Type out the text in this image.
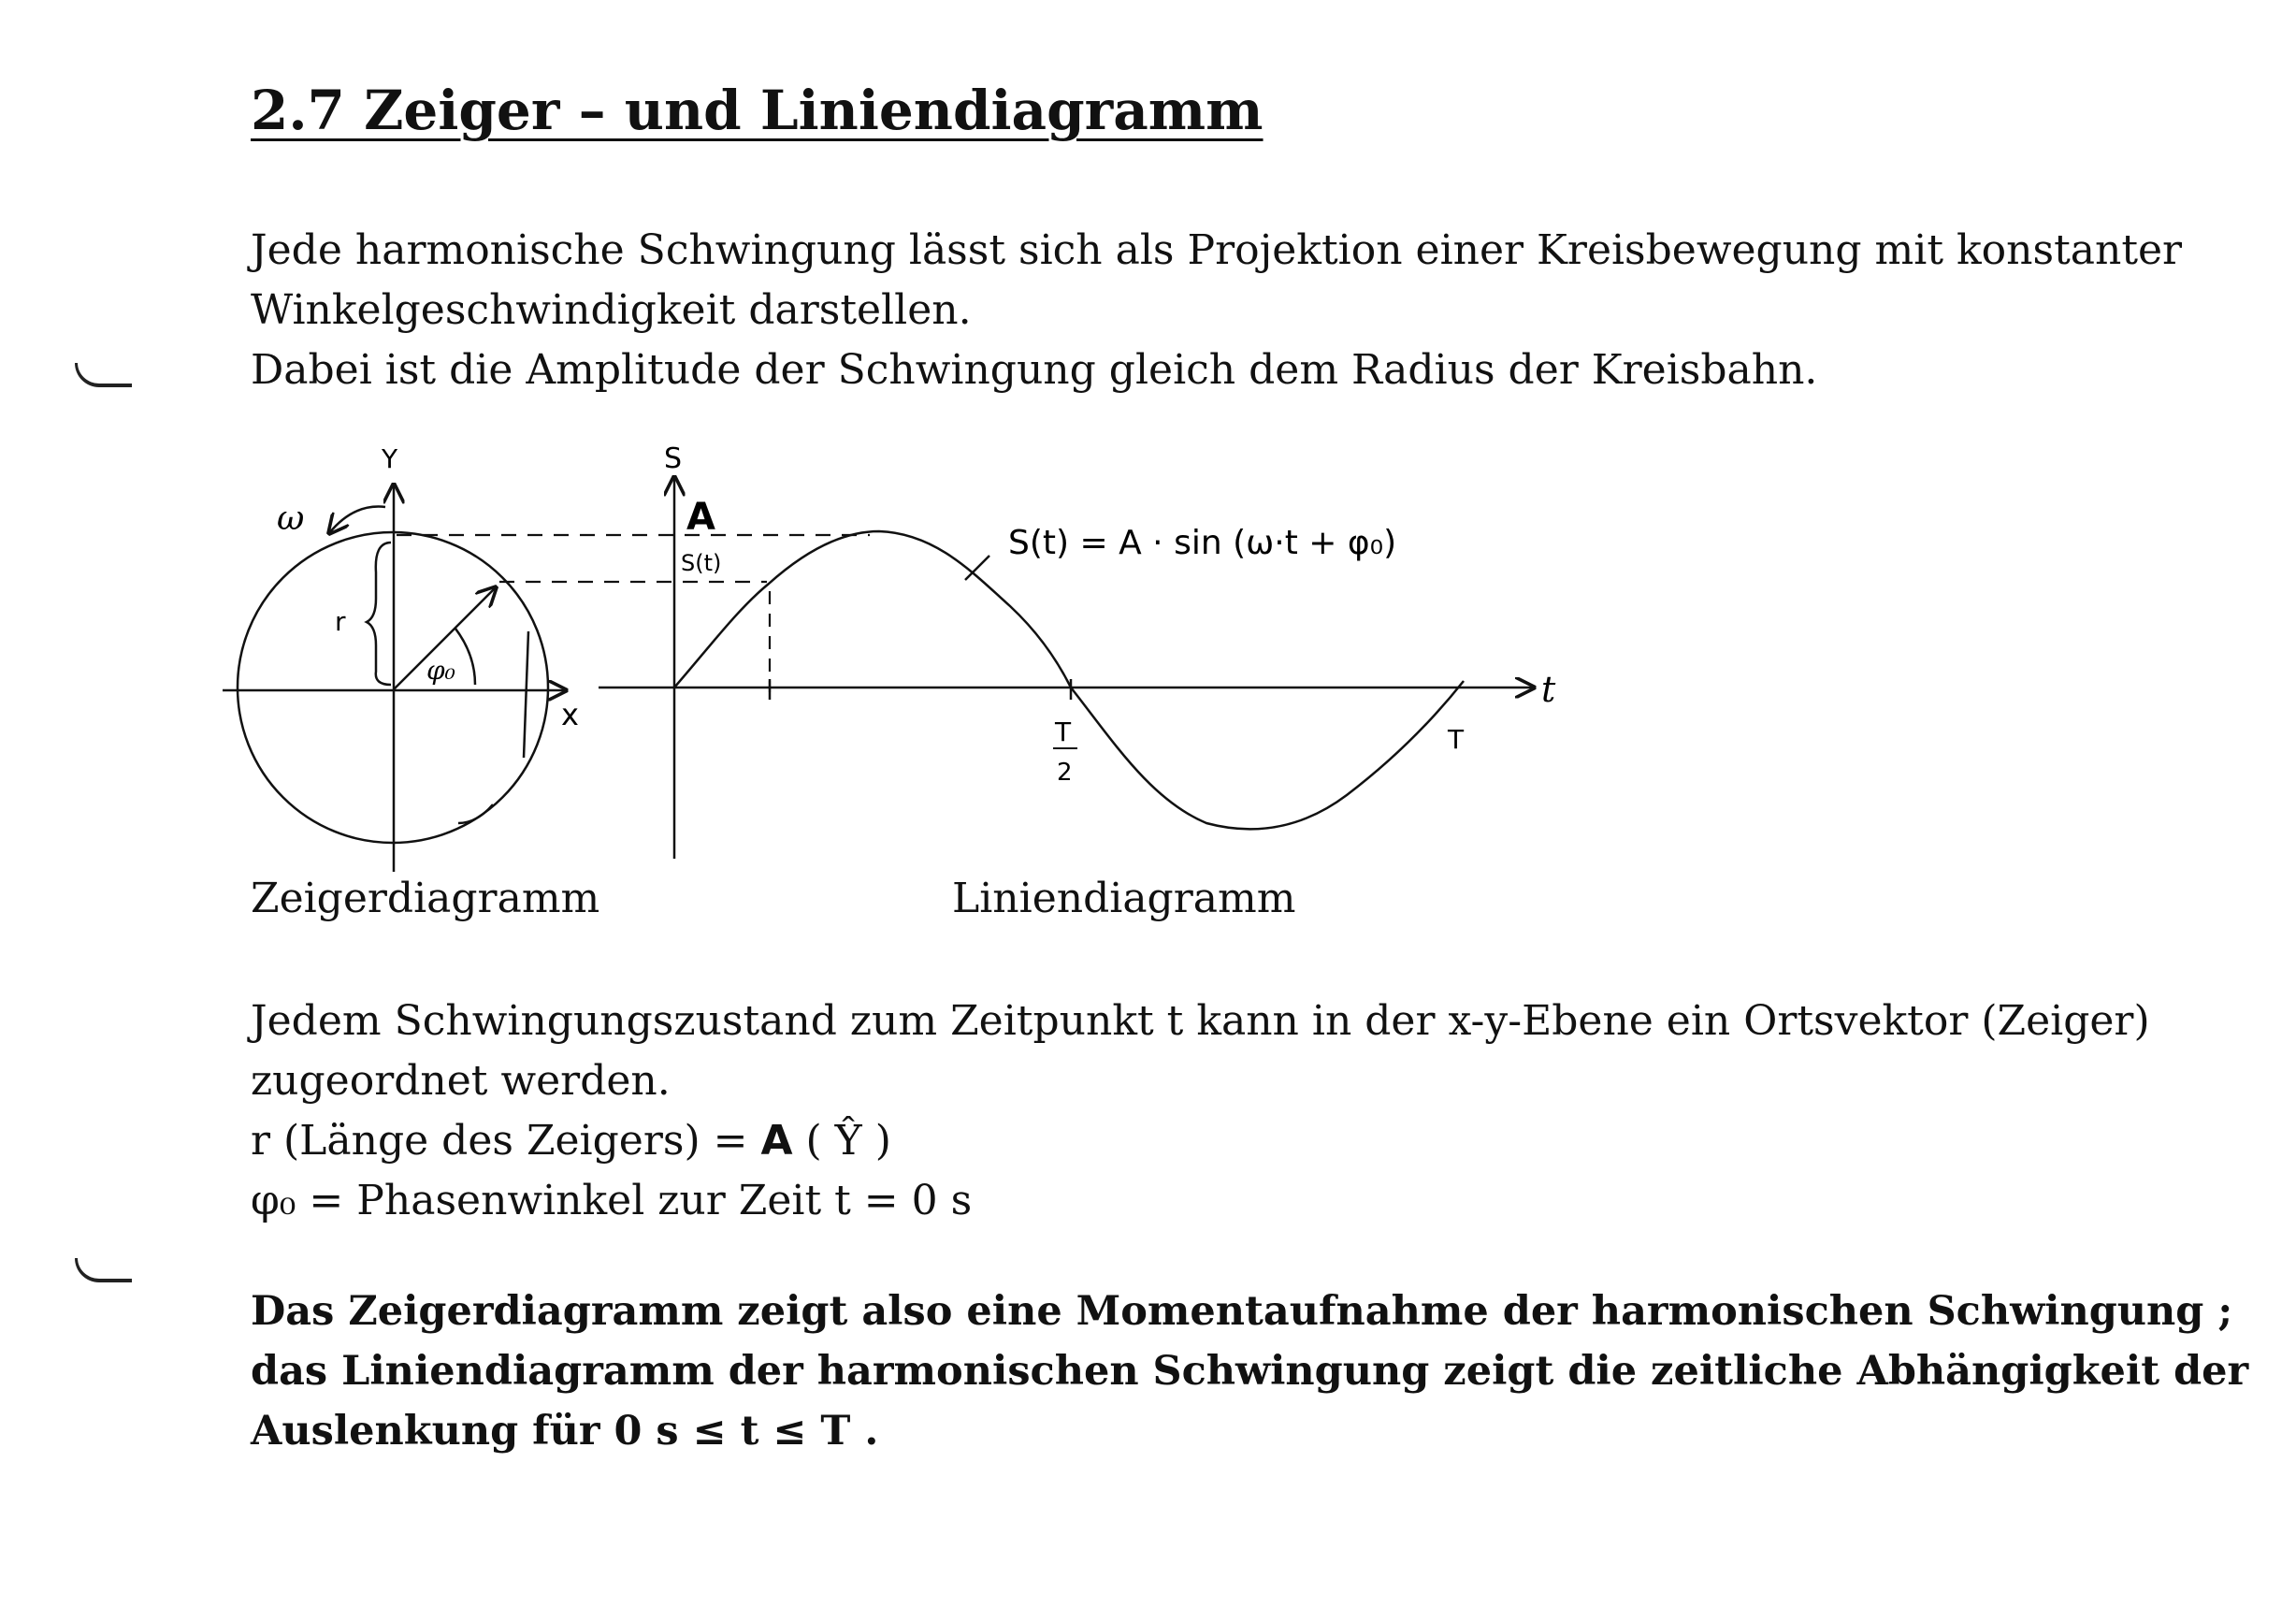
2.7 Zeiger – und Liniendiagramm
Jede harmonische Schwingung lässt sich als Projektion einer Kreisbewegung mit konstanter
Winkelgeschwindigkeit darstellen.
Dabei ist die Amplitude der Schwingung gleich dem Radius der Kreisbahn.
Y
x
ω
r
φ₀
S
t
A
S(t)
T
2
T
S(t) = A · sin (ω·t + φ₀)
Zeigerdiagramm	Liniendiagramm
Jedem Schwingungszustand zum Zeitpunkt t kann in der x-y-Ebene ein Ortsvektor (Zeiger)
zugeordnet werden.
r (Länge des Zeigers) = A ( Ŷ )
φ₀ = Phasenwinkel zur Zeit t = 0 s
Das Zeigerdiagramm zeigt also eine Momentaufnahme der harmonischen Schwingung ;
das Liniendiagramm der harmonischen Schwingung zeigt die zeitliche Abhängigkeit der
Auslenkung für 0 s ≤ t ≤ T .
